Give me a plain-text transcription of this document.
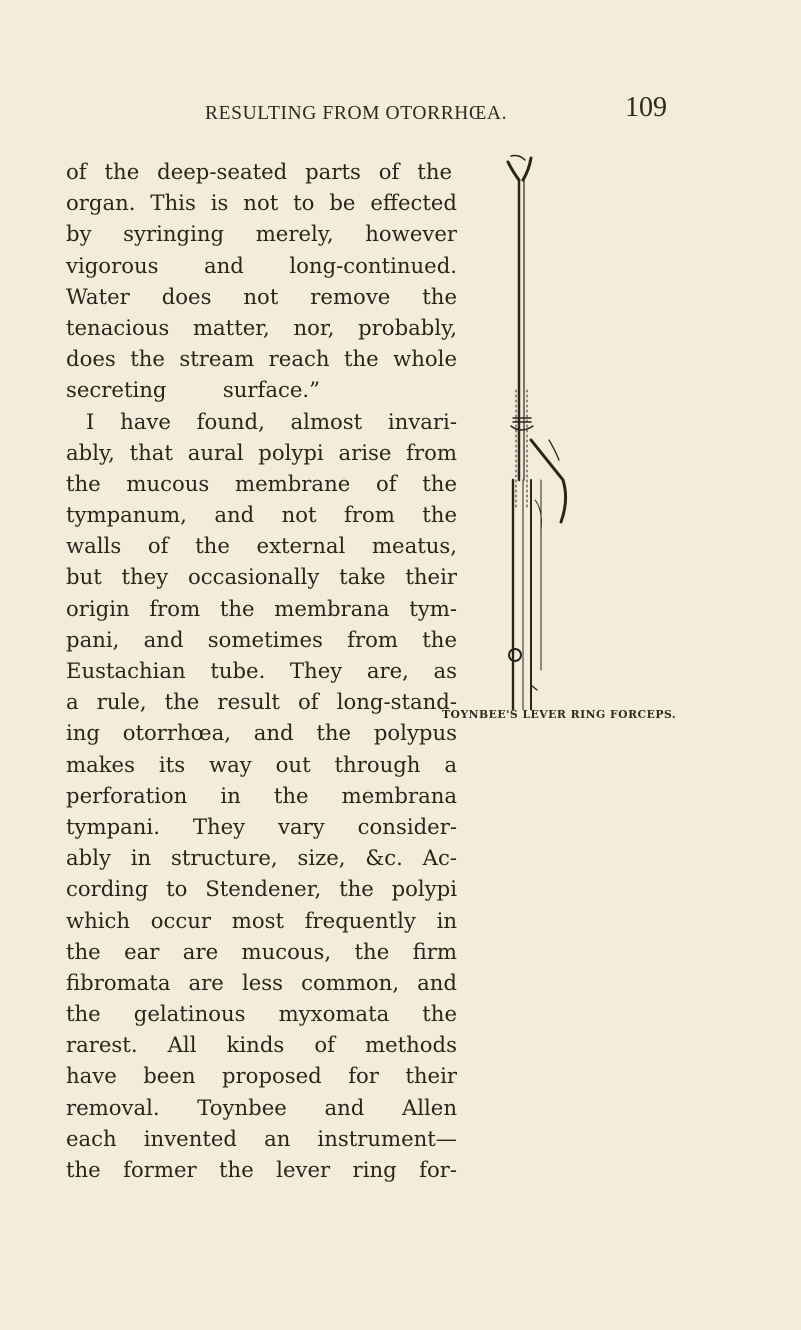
RESULTING FROM OTORRHŒA.	109
of the deep-seated parts of the
organ. This is not to be effected
by syringing merely, however
vigorous and long-continued.
Water does not remove the
tenacious matter, nor, probably,
does the stream reach the whole
secreting surface.”
I have found, almost invari-
ably, that aural polypi arise from
the mucous membrane of the
tympanum, and not from the
walls of the external meatus,
but they occasionally take their
origin from the membrana tym-
pani, and sometimes from the
Eustachian tube. They are, as
a rule, the result of long-stand-
ing otorrhœa, and the polypus
makes its way out through a
perforation in the membrana
tympani. They vary consider-
ably in structure, size, &c. Ac-
cording to Stendener, the polypi
which occur most frequently in
the ear are mucous, the firm
fibromata are less common, and
the gelatinous myxomata the
rarest. All kinds of methods
have been proposed for their
removal. Toynbee and Allen
each invented an instrument—
the former the lever ring for-
TOYNBEE'S LEVER RING FORCEPS.
